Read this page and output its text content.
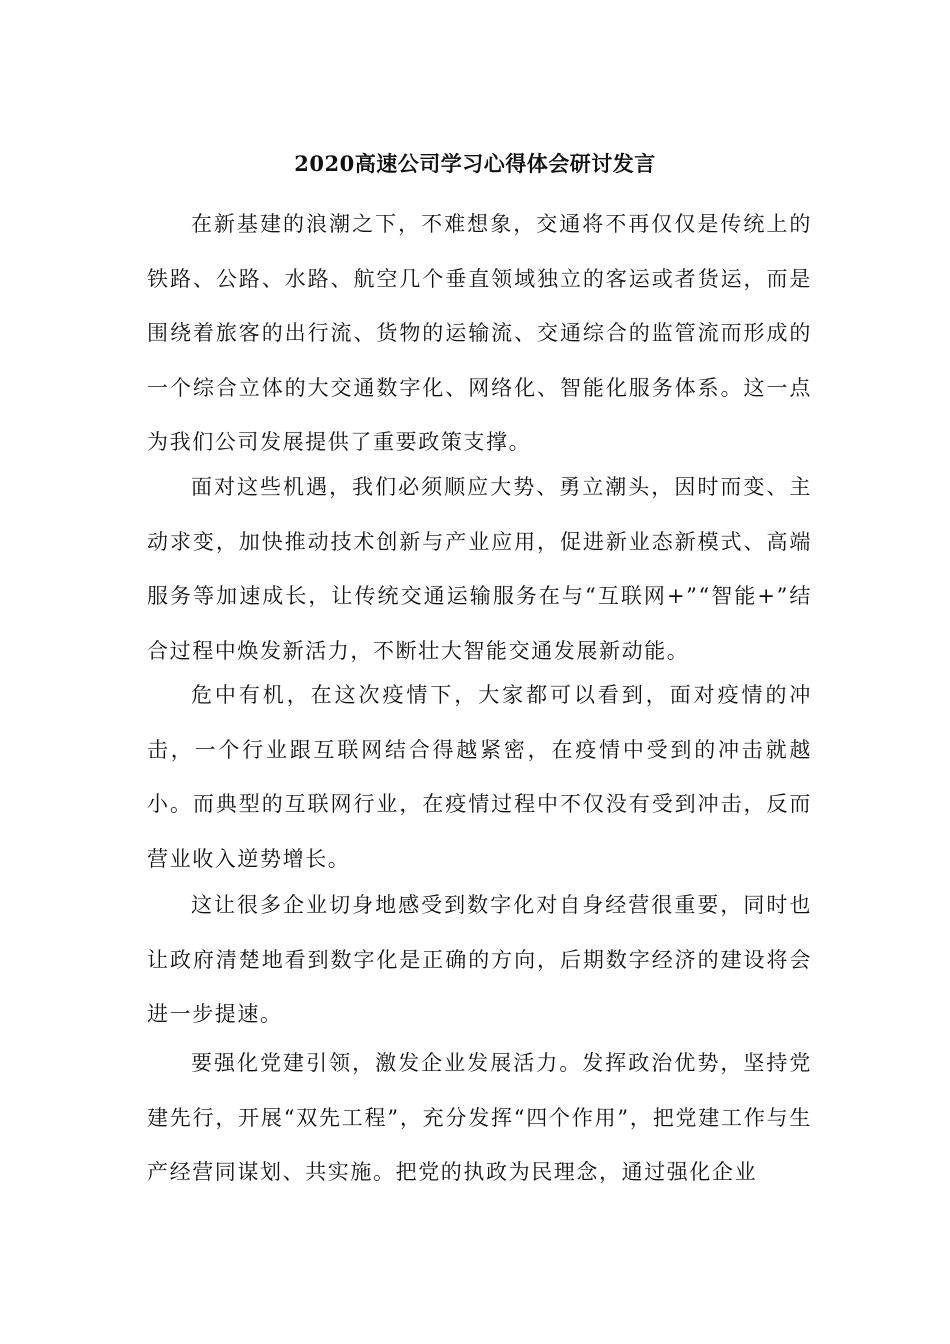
2020高速公司学习心得体会研讨发言

在新基建的浪潮之下，不难想象，交通将不再仅仅是传统上的铁路、公路、水路、航空几个垂直领域独立的客运或者货运，而是围绕着旅客的出行流、货物的运输流、交通综合的监管流而形成的一个综合立体的大交通数字化、网络化、智能化服务体系。这一点为我们公司发展提供了重要政策支撑。

面对这些机遇，我们必须顺应大势、勇立潮头，因时而变、主动求变，加快推动技术创新与产业应用，促进新业态新模式、高端服务等加速成长，让传统交通运输服务在与“互联网+”“智能+”结合过程中焕发新活力，不断壮大智能交通发展新动能。

危中有机，在这次疫情下，大家都可以看到，面对疫情的冲击，一个行业跟互联网结合得越紧密，在疫情中受到的冲击就越小。而典型的互联网行业，在疫情过程中不仅没有受到冲击，反而营业收入逆势增长。

这让很多企业切身地感受到数字化对自身经营很重要，同时也让政府清楚地看到数字化是正确的方向，后期数字经济的建设将会进一步提速。

要强化党建引领，激发企业发展活力。发挥政治优势，坚持党建先行，开展“双先工程”，充分发挥“四个作用”，把党建工作与生产经营同谋划、共实施。把党的执政为民理念，通过强化企业
